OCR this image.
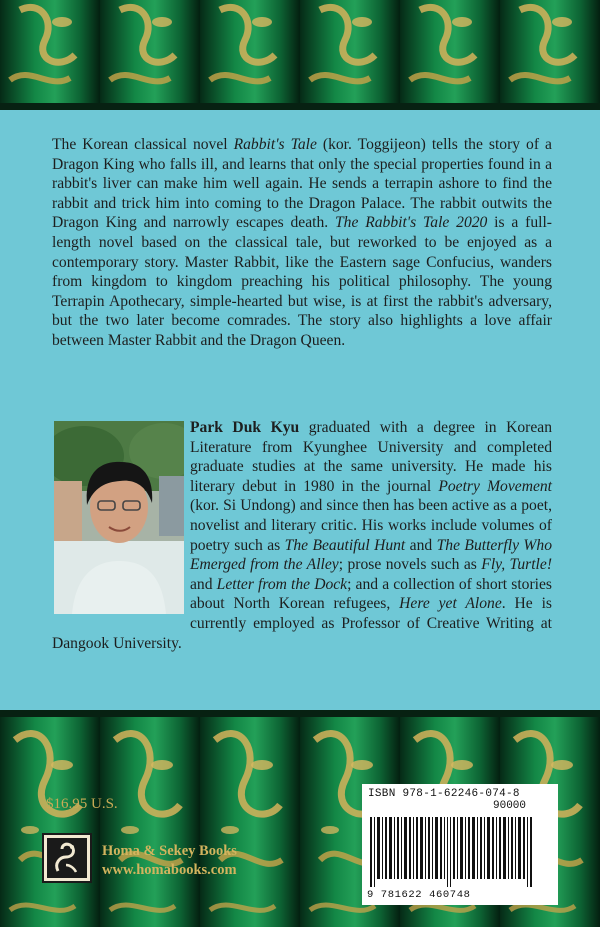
The Korean classical novel Rabbit's Tale (kor. Toggijeon) tells the story of a Dragon King who falls ill, and learns that only the special properties found in a rabbit's liver can make him well again. He sends a terrapin ashore to find the rabbit and trick him into coming to the Dragon Palace. The rabbit outwits the Dragon King and narrowly escapes death. The Rabbit's Tale 2020 is a full-length novel based on the classical tale, but reworked to be enjoyed as a contemporary story. Master Rabbit, like the Eastern sage Confucius, wanders from kingdom to kingdom preaching his political philosophy. The young Terrapin Apothecary, simple-hearted but wise, is at first the rabbit's adversary, but the two later become comrades. The story also highlights a love affair between Master Rabbit and the Dragon Queen.

Park Duk Kyu graduated with a degree in Korean Literature from Kyunghee University and completed graduate studies at the same university. He made his literary debut in 1980 in the journal Poetry Movement (kor. Si Undong) and since then has been active as a poet, novelist and literary critic. His works include volumes of poetry such as The Beautiful Hunt and The Butterfly Who Emerged from the Alley; prose novels such as Fly, Turtle! and Letter from the Dock; and a collection of short stories about North Korean refugees, Here yet Alone. He is currently employed as Professor of Creative Writing at Dangook University.

$16.95 U.S.
Homa & Sekey Books
www.homabooks.com
ISBN 978-1-62246-074-8
90000
9 781622 460748
